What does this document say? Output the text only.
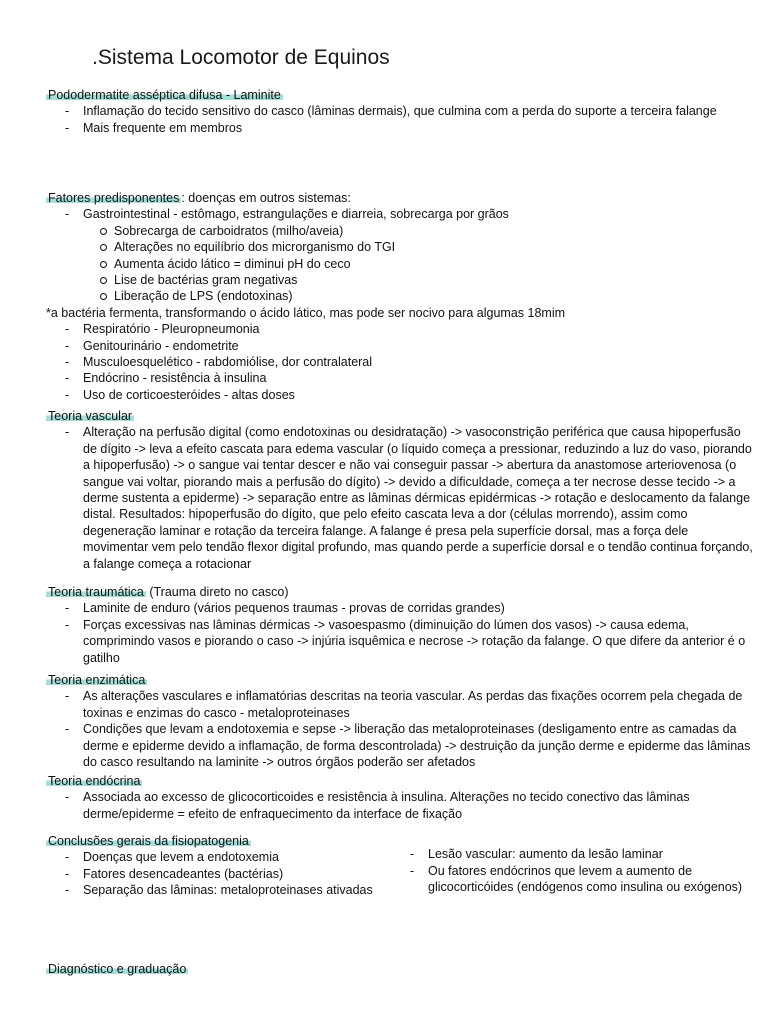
.Sistema Locomotor de Equinos
Pododermatite asséptica difusa - Laminite
- Inflamação do tecido sensitivo do casco (lâminas dermais), que culmina com a perda do suporte a terceira falange
- Mais frequente em membros
Fatores predisponentes : doenças em outros sistemas:
- Gastrointestinal - estômago, estrangulações e diarreia, sobrecarga por grãos
Sobrecarga de carboidratos (milho/aveia)
Alterações no equilíbrio dos microrganismo do TGI
Aumenta ácido lático = diminui pH do ceco
Lise de bactérias gram negativas
Liberação de LPS (endotoxinas)
*a bactéria fermenta, transformando o ácido lático, mas pode ser nocivo para algumas 18mim
- Respiratório - Pleuropneumonia
- Genitourinário - endometrite
- Musculoesquelético - rabdomiólise, dor contralateral
- Endócrino - resistência à insulina
- Uso de corticoesteróides - altas doses
Teoria vascular
- Alteração na perfusão digital (como endotoxinas ou desidratação) -> vasoconstrição periférica que causa hipoperfusão de dígito -> leva a efeito cascata para edema vascular (o líquido começa a pressionar, reduzindo a luz do vaso, piorando a hipoperfusão) -> o sangue vai tentar descer e não vai conseguir passar -> abertura da anastomose arteriovenosa (o sangue vai voltar, piorando mais a perfusão do dígito) -> devido a dificuldade, começa a ter necrose desse tecido -> a derme sustenta a epiderme) -> separação entre as lâminas dérmicas epidérmicas -> rotação e deslocamento da falange distal. Resultados: hipoperfusão do dígito, que pelo efeito cascata leva a dor (células morrendo), assim como degeneração laminar e rotação da terceira falange. A falange é presa pela superfície dorsal, mas a força dele movimentar vem pelo tendão flexor digital profundo, mas quando perde a superfície dorsal e o tendão continua forçando, a falange começa a rotacionar
Teoria traumática (Trauma direto no casco)
- Laminite de enduro (vários pequenos traumas - provas de corridas grandes)
- Forças excessivas nas lâminas dérmicas -> vasoespasmo (diminuição do lúmen dos vasos) -> causa edema, comprimindo vasos e piorando o caso -> injúria isquêmica e necrose -> rotação da falange. O que difere da anterior é o gatilho
Teoria enzimática
- As alterações vasculares e inflamatórias descritas na teoria vascular. As perdas das fixações ocorrem pela chegada de toxinas e enzimas do casco - metaloproteinases
- Condições que levam a endotoxemia e sepse -> liberação das metaloproteinases (desligamento entre as camadas da derme e epiderme devido a inflamação, de forma descontrolada) -> destruição da junção derme e epiderme das lâminas do casco resultando na laminite -> outros órgãos poderão ser afetados
Teoria endócrina
- Associada ao excesso de glicocorticoides e resistência à insulina. Alterações no tecido conectivo das lâminas derme/epiderme = efeito de enfraquecimento da interface de fixação
Conclusões gerais da fisiopatogenia
- Doenças que levem a endotoxemia
- Fatores desencadeantes (bactérias)
- Separação das lâminas: metaloproteinases ativadas
- Lesão vascular: aumento da lesão laminar
- Ou fatores endócrinos que levem a aumento de glicocorticóides (endógenos como insulina ou exógenos)
Diagnóstico e graduação
